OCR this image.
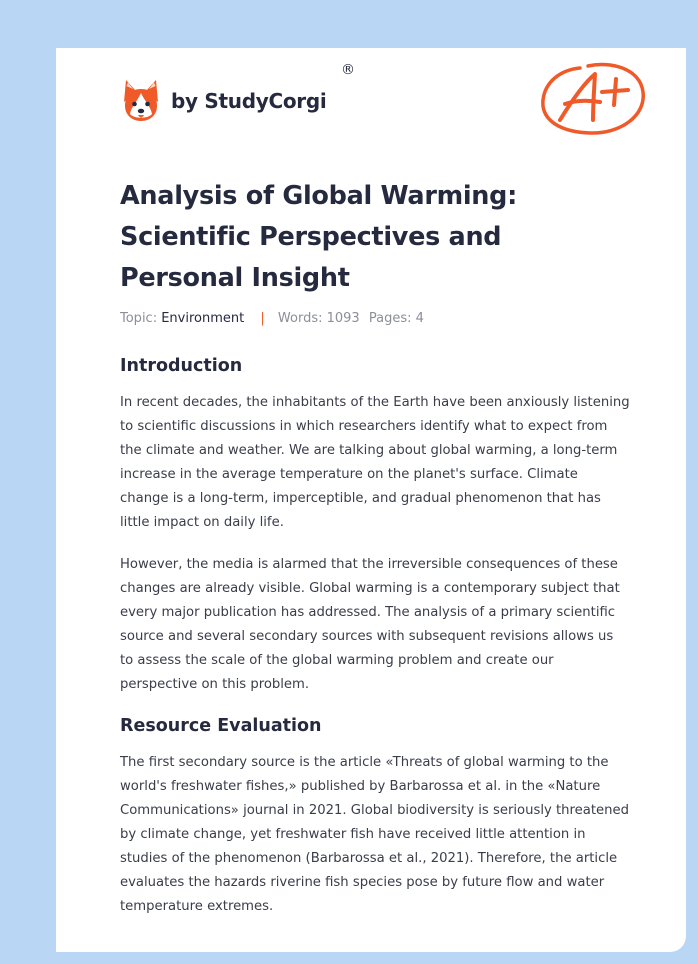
by StudyCorgi
®
Analysis of Global Warming: Scientific Perspectives and Personal Insight
Topic: Environment | Words: 1093 Pages: 4
Introduction

In recent decades, the inhabitants of the Earth have been anxiously listening to scientific discussions in which researchers identify what to expect from the climate and weather. We are talking about global warming, a long-term increase in the average temperature on the planet's surface. Climate change is a long-term, imperceptible, and gradual phenomenon that has little impact on daily life.

However, the media is alarmed that the irreversible consequences of these changes are already visible. Global warming is a contemporary subject that every major publication has addressed. The analysis of a primary scientific source and several secondary sources with subsequent revisions allows us to assess the scale of the global warming problem and create our perspective on this problem.

Resource Evaluation

The first secondary source is the article «Threats of global warming to the world's freshwater fishes,» published by Barbarossa et al. in the «Nature Communications» journal in 2021. Global biodiversity is seriously threatened by climate change, yet freshwater fish have received little attention in studies of the phenomenon (Barbarossa et al., 2021). Therefore, the article evaluates the hazards riverine fish species pose by future flow and water temperature extremes.
